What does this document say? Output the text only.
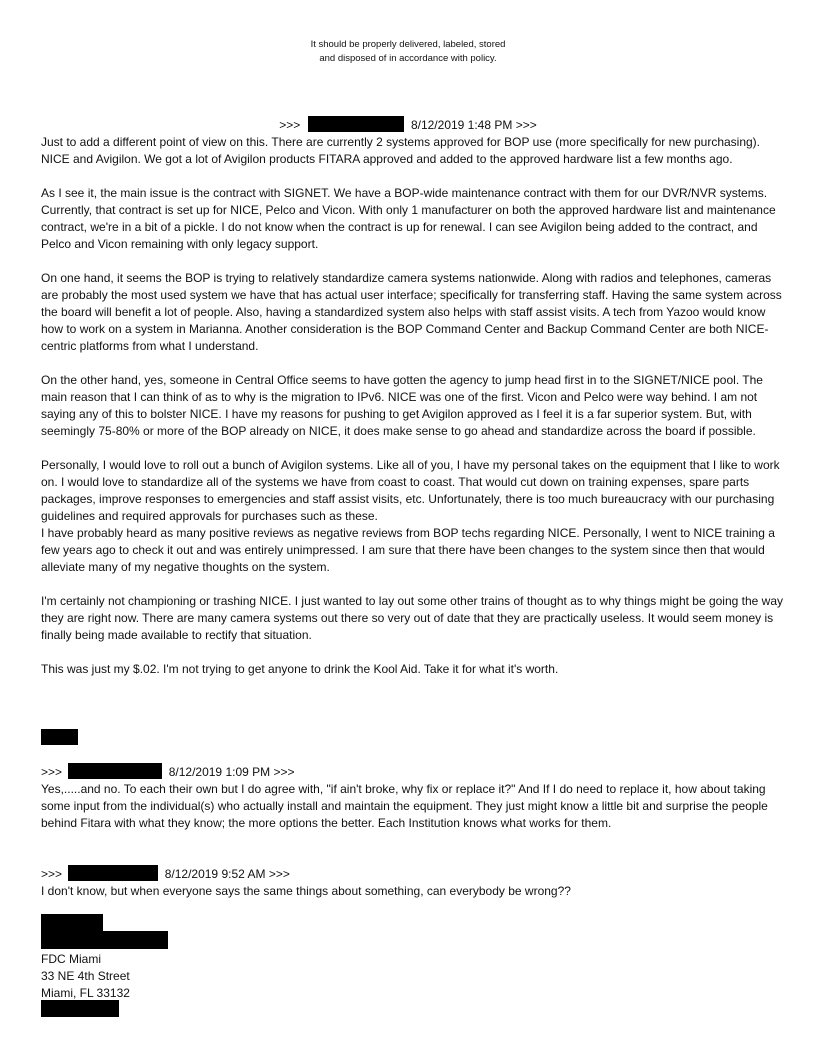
It should be properly delivered, labeled, stored
and disposed of in accordance with policy.
>>>	8/12/2019 1:48 PM >>>

Just to add a different point of view on this. There are currently 2 systems approved for BOP use (more specifically for new purchasing). NICE and Avigilon. We got a lot of Avigilon products FITARA approved and added to the approved hardware list a few months ago.

As I see it, the main issue is the contract with SIGNET. We have a BOP-wide maintenance contract with them for our DVR/NVR systems. Currently, that contract is set up for NICE, Pelco and Vicon. With only 1 manufacturer on both the approved hardware list and maintenance contract, we're in a bit of a pickle. I do not know when the contract is up for renewal. I can see Avigilon being added to the contract, and Pelco and Vicon remaining with only legacy support.

On one hand, it seems the BOP is trying to relatively standardize camera systems nationwide. Along with radios and telephones, cameras are probably the most used system we have that has actual user interface; specifically for transferring staff. Having the same system across the board will benefit a lot of people. Also, having a standardized system also helps with staff assist visits. A tech from Yazoo would know how to work on a system in Marianna. Another consideration is the BOP Command Center and Backup Command Center are both NICE-centric platforms from what I understand.

On the other hand, yes, someone in Central Office seems to have gotten the agency to jump head first in to the SIGNET/NICE pool. The main reason that I can think of as to why is the migration to IPv6. NICE was one of the first. Vicon and Pelco were way behind. I am not saying any of this to bolster NICE. I have my reasons for pushing to get Avigilon approved as I feel it is a far superior system. But, with seemingly 75-80% or more of the BOP already on NICE, it does make sense to go ahead and standardize across the board if possible.

Personally, I would love to roll out a bunch of Avigilon systems. Like all of you, I have my personal takes on the equipment that I like to work on. I would love to standardize all of the systems we have from coast to coast. That would cut down on training expenses, spare parts packages, improve responses to emergencies and staff assist visits, etc. Unfortunately, there is too much bureaucracy with our purchasing guidelines and required approvals for purchases such as these.

I have probably heard as many positive reviews as negative reviews from BOP techs regarding NICE. Personally, I went to NICE training a few years ago to check it out and was entirely unimpressed. I am sure that there have been changes to the system since then that would alleviate many of my negative thoughts on the system.

I'm certainly not championing or trashing NICE. I just wanted to lay out some other trains of thought as to why things might be going the way they are right now. There are many camera systems out there so very out of date that they are practically useless. It would seem money is finally being made available to rectify that situation.

This was just my $.02. I'm not trying to get anyone to drink the Kool Aid. Take it for what it's worth.

>>>	8/12/2019 1:09 PM >>>

Yes,.....and no. To each their own but I do agree with, "if ain't broke, why fix or replace it?" And If I do need to replace it, how about taking some input from the individual(s) who actually install and maintain the equipment. They just might know a little bit and surprise the people behind Fitara with what they know; the more options the better. Each Institution knows what works for them.

>>>	8/12/2019 9:52 AM >>>

I don't know, but when everyone says the same things about something, can everybody be wrong??

FDC Miami
33 NE 4th Street
Miami, FL 33132
